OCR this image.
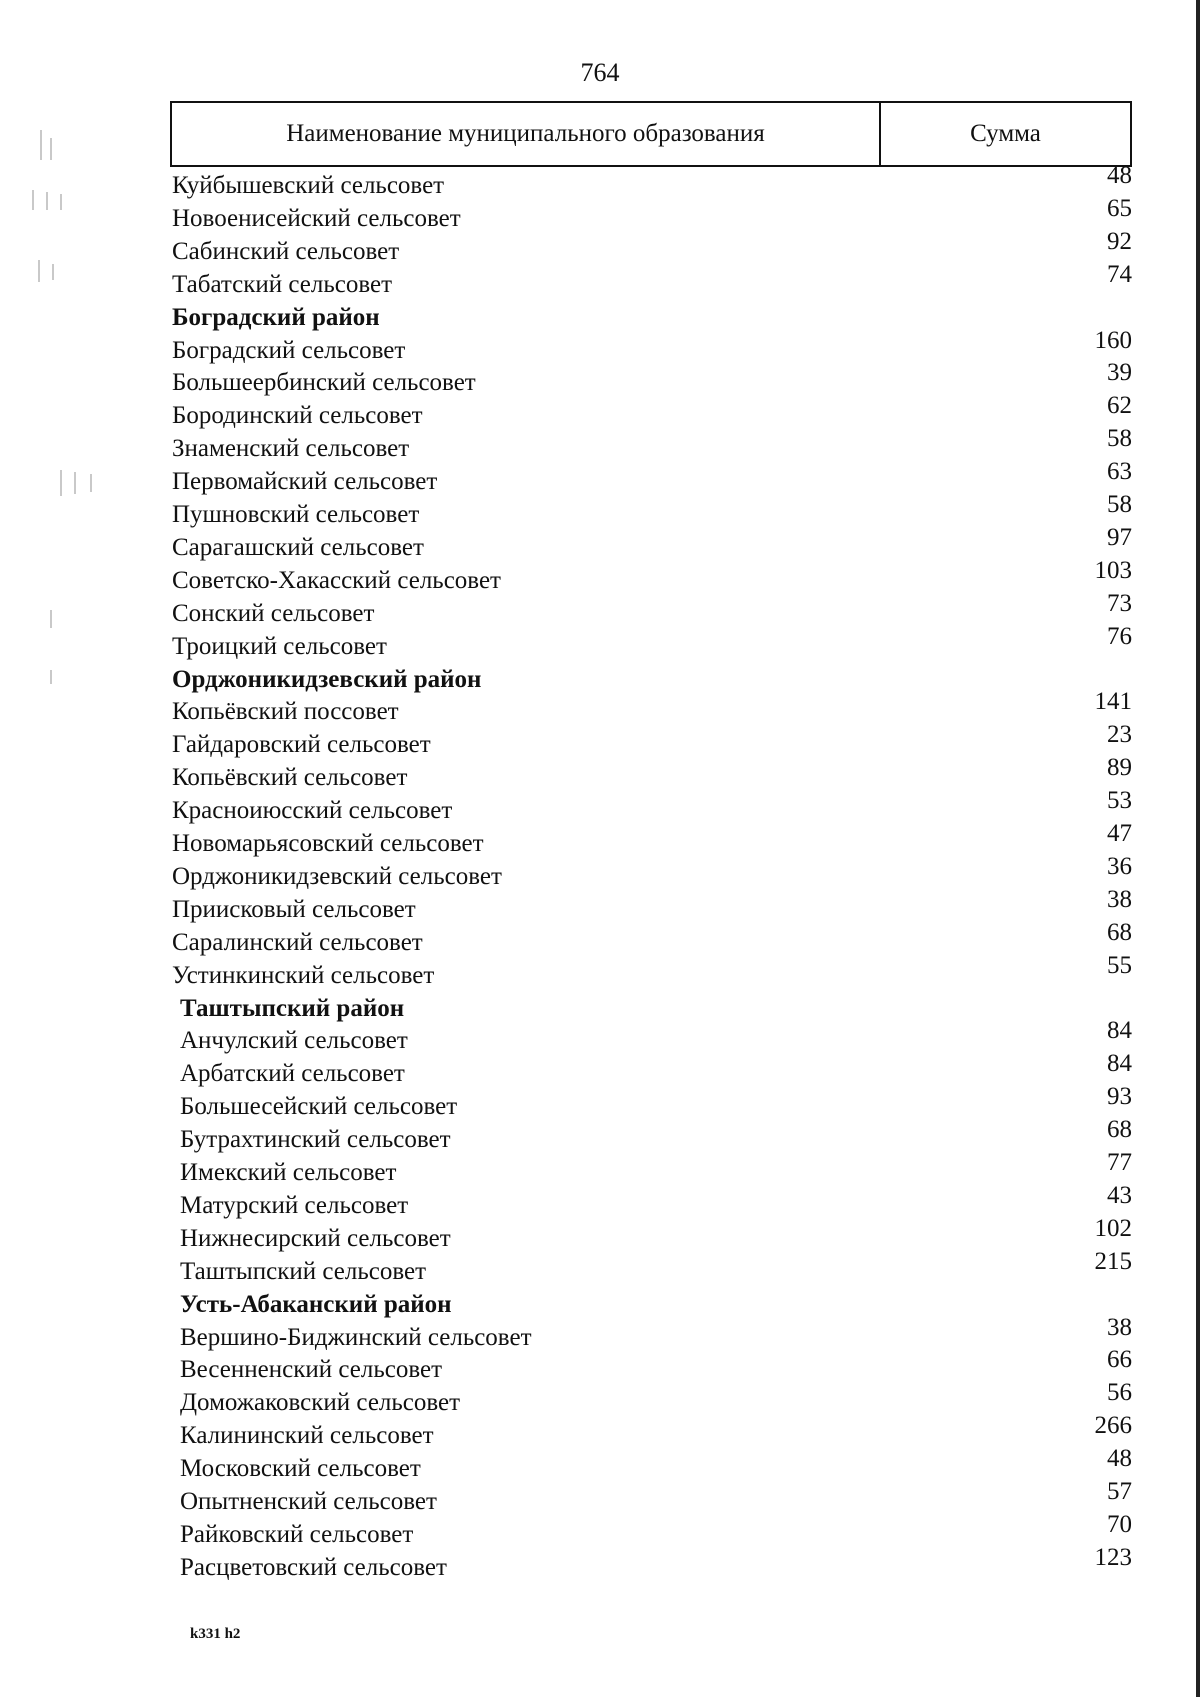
764
Наименование муниципального образования	Сумма
Куйбышевский сельсовет	48
Новоенисейский сельсовет	65
Сабинский сельсовет	92
Табатский сельсовет	74
Боградский район
Боградский сельсовет	160
Большеербинский сельсовет	39
Бородинский сельсовет	62
Знаменский сельсовет	58
Первомайский сельсовет	63
Пушновский сельсовет	58
Сарагашский сельсовет	97
Советско-Хакасский сельсовет	103
Сонский сельсовет	73
Троицкий сельсовет	76
Орджоникидзевский район
Копьёвский поссовет	141
Гайдаровский сельсовет	23
Копьёвский сельсовет	89
Красноиюсский сельсовет	53
Новомарьясовский сельсовет	47
Орджоникидзевский сельсовет	36
Приисковый сельсовет	38
Саралинский сельсовет	68
Устинкинский сельсовет	55
Таштыпский район
Анчулский сельсовет	84
Арбатский сельсовет	84
Большесейский сельсовет	93
Бутрахтинский сельсовет	68
Имекский сельсовет	77
Матурский сельсовет	43
Нижнесирский сельсовет	102
Таштыпский сельсовет	215
Усть-Абаканский район
Вершино-Биджинский сельсовет	38
Весенненский сельсовет	66
Доможаковский сельсовет	56
Калининский сельсовет	266
Московский сельсовет	48
Опытненский сельсовет	57
Райковский сельсовет	70
Расцветовский сельсовет	123
k331 h2
